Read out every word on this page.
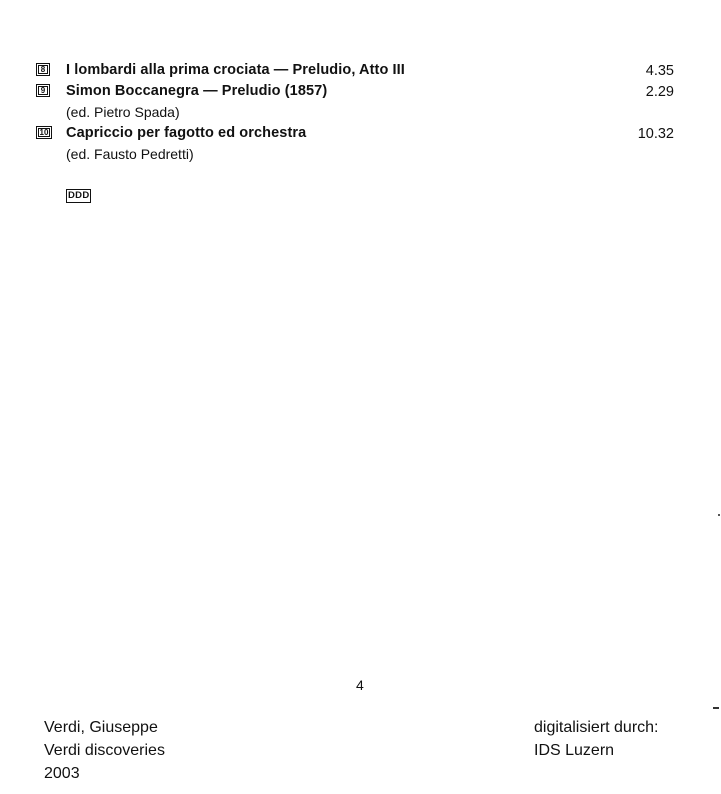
8 I lombardi alla prima crociata — Preludio, Atto III	4.35
9 Simon Boccanegra — Preludio (1857)	2.29
(ed. Pietro Spada)
10 Capriccio per fagotto ed orchestra	10.32
(ed. Fausto Pedretti)
DDD
4
Verdi, Giuseppe
Verdi discoveries
2003
digitalisiert durch:
IDS Luzern
